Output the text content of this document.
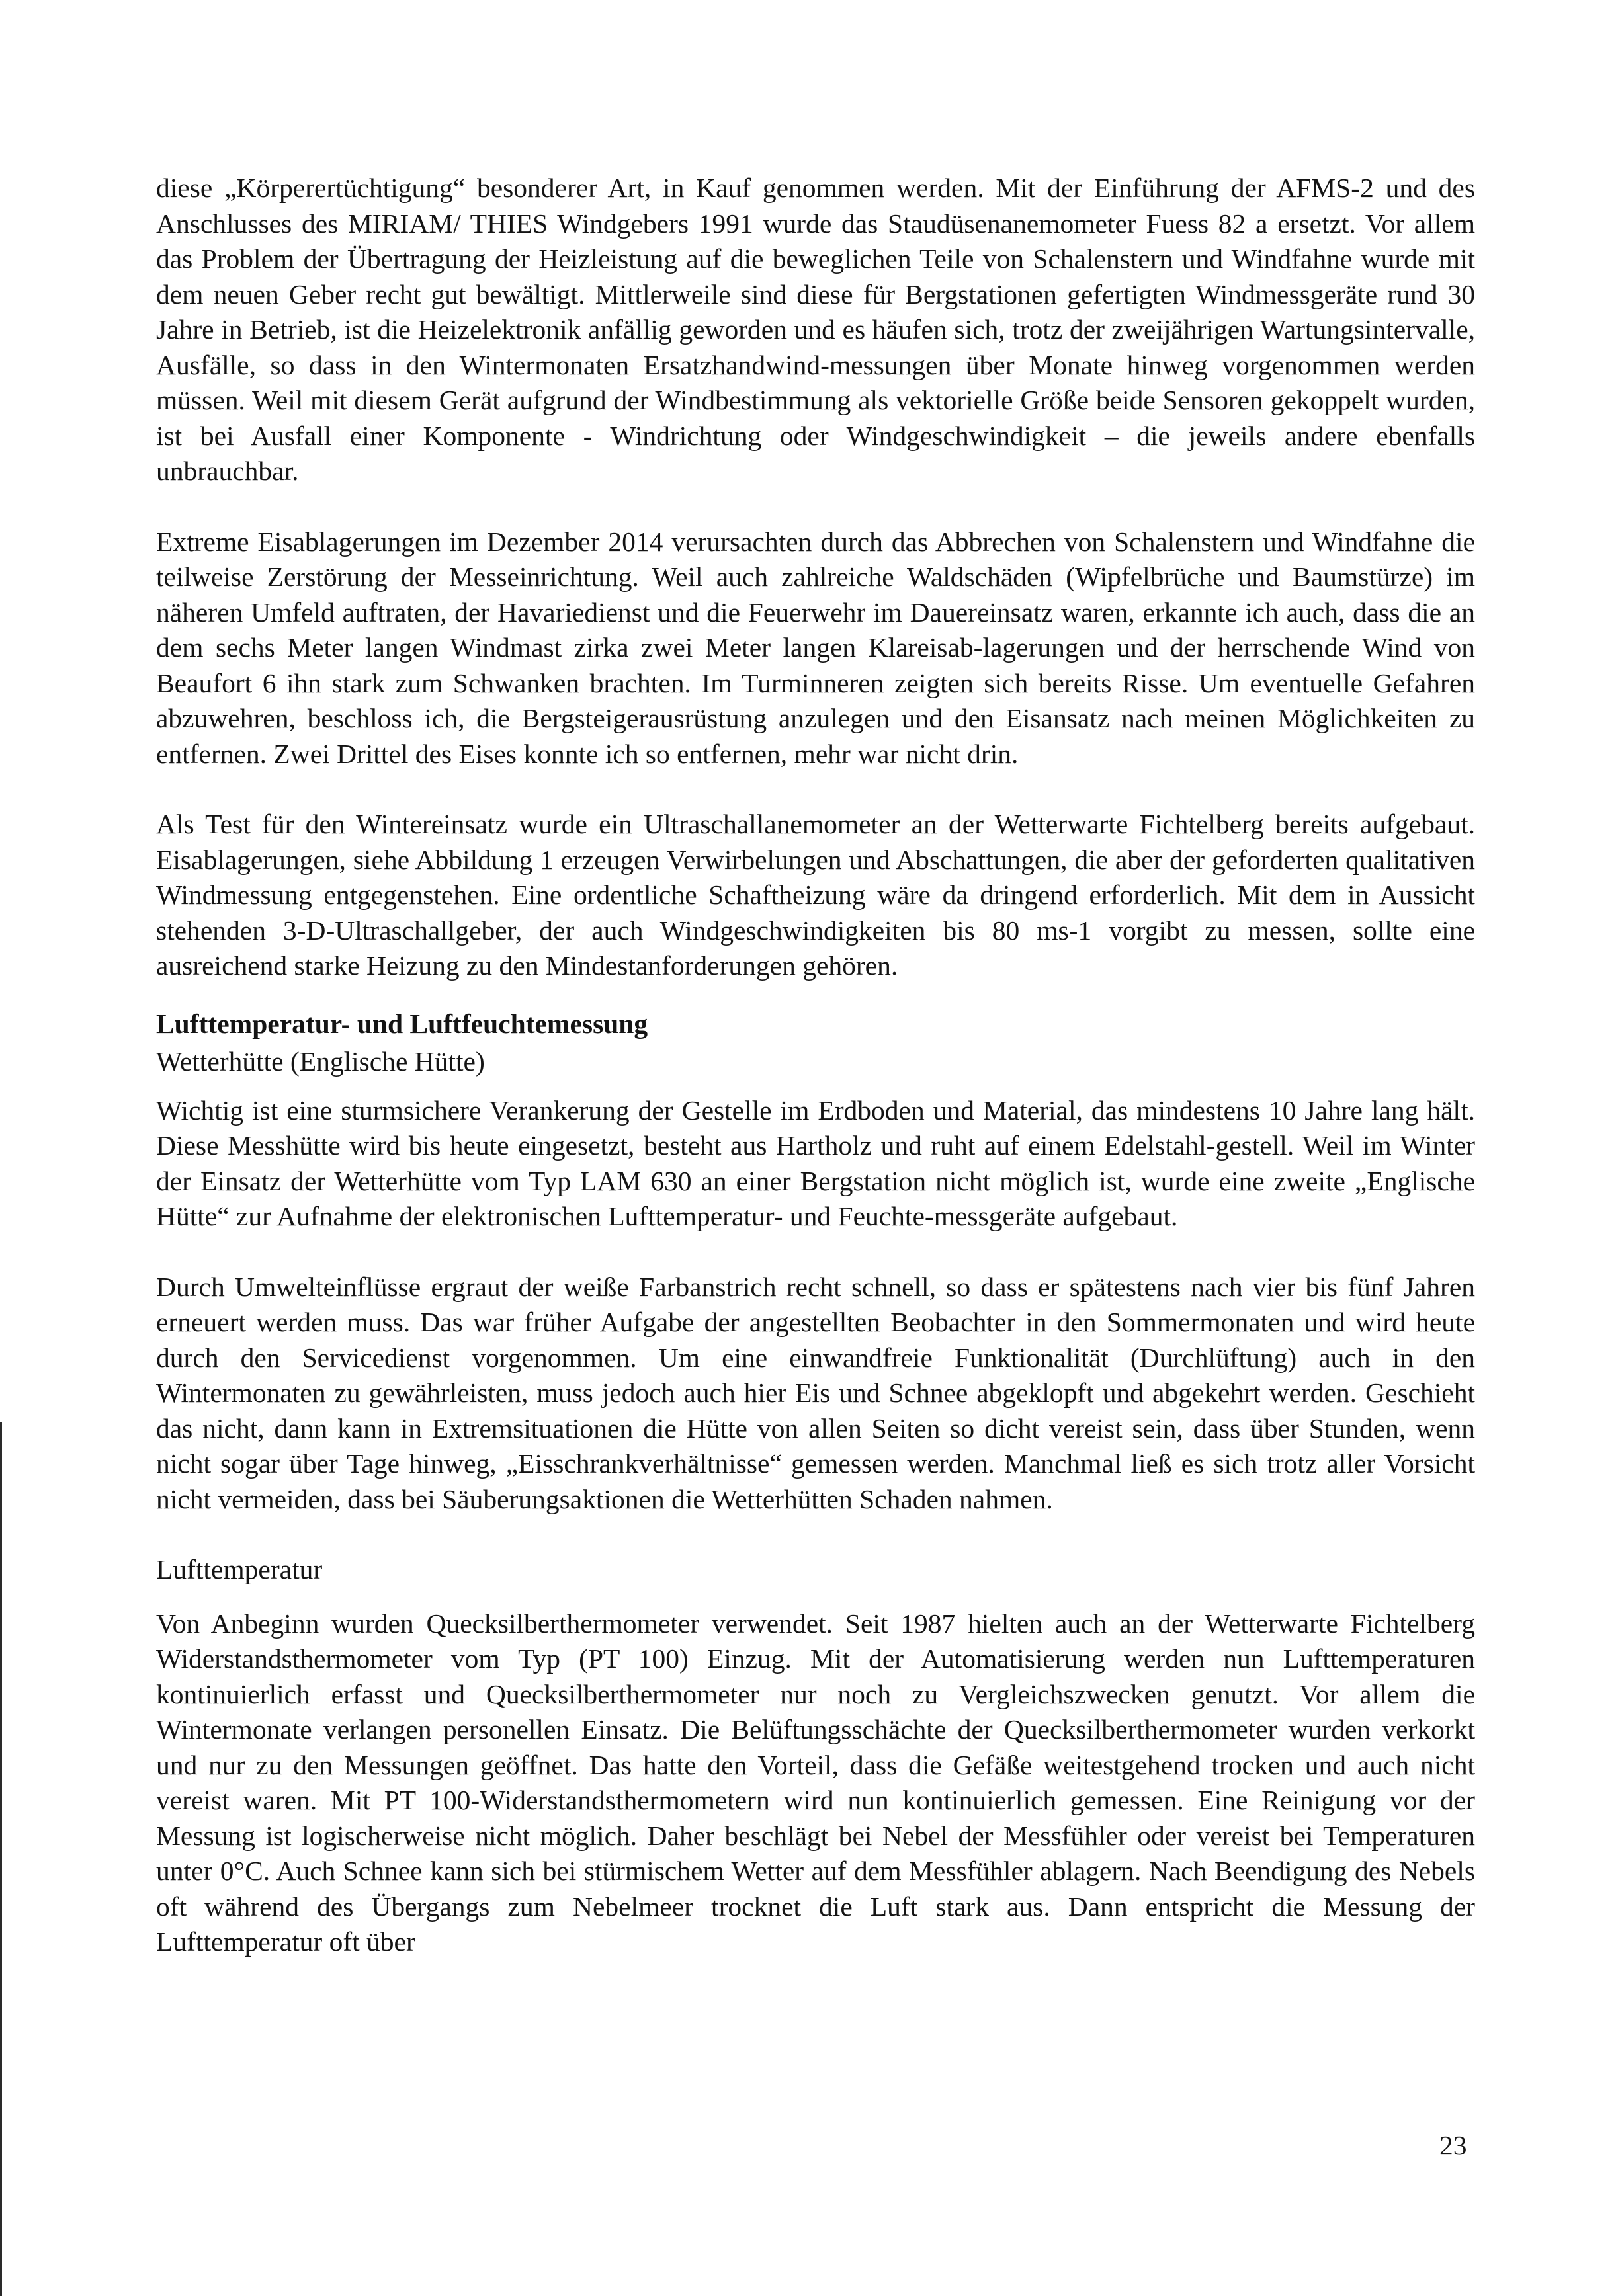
diese „Körperertüchtigung“ besonderer Art, in Kauf genommen werden. Mit der Einführung der AFMS-2 und des Anschlusses des MIRIAM/ THIES Windgebers 1991 wurde das Staudüsenanemometer Fuess 82 a ersetzt. Vor allem das Problem der Übertragung der Heizleistung auf die beweglichen Teile von Schalenstern und Windfahne wurde mit dem neuen Geber recht gut bewältigt. Mittlerweile sind diese für Bergstationen gefertigten Windmessgeräte rund 30 Jahre in Betrieb, ist die Heizelektronik anfällig geworden und es häufen sich, trotz der zweijährigen Wartungsintervalle, Ausfälle, so dass in den Wintermonaten Ersatzhandwind-messungen über Monate hinweg vorgenommen werden müssen. Weil mit diesem Gerät aufgrund der Windbestimmung als vektorielle Größe beide Sensoren gekoppelt wurden, ist bei Ausfall einer Komponente - Windrichtung oder Windgeschwindigkeit – die jeweils andere ebenfalls unbrauchbar.

Extreme Eisablagerungen im Dezember 2014 verursachten durch das Abbrechen von Schalenstern und Windfahne die teilweise Zerstörung der Messeinrichtung. Weil auch zahlreiche Waldschäden (Wipfelbrüche und Baumstürze) im näheren Umfeld auftraten, der Havariedienst und die Feuerwehr im Dauereinsatz waren, erkannte ich auch, dass die an dem sechs Meter langen Windmast zirka zwei Meter langen Klareisab-lagerungen und der herrschende Wind von Beaufort 6 ihn stark zum Schwanken brachten. Im Turminneren zeigten sich bereits Risse. Um eventuelle Gefahren abzuwehren, beschloss ich, die Bergsteigerausrüstung anzulegen und den Eisansatz nach meinen Möglichkeiten zu entfernen. Zwei Drittel des Eises konnte ich so entfernen, mehr war nicht drin.

Als Test für den Wintereinsatz wurde ein Ultraschallanemometer an der Wetterwarte Fichtelberg bereits aufgebaut. Eisablagerungen, siehe Abbildung 1 erzeugen Verwirbelungen und Abschattungen, die aber der geforderten qualitativen Windmessung entgegenstehen. Eine ordentliche Schaftheizung wäre da dringend erforderlich. Mit dem in Aussicht stehenden 3-D-Ultraschallgeber, der auch Windgeschwindigkeiten bis 80 ms-1 vorgibt zu messen, sollte eine ausreichend starke Heizung zu den Mindestanforderungen gehören.

Lufttemperatur- und Luftfeuchtemessung

Wetterhütte (Englische Hütte)

Wichtig ist eine sturmsichere Verankerung der Gestelle im Erdboden und Material, das mindestens 10 Jahre lang hält. Diese Messhütte wird bis heute eingesetzt, besteht aus Hartholz und ruht auf einem Edelstahl-gestell. Weil im Winter der Einsatz der Wetterhütte vom Typ LAM 630 an einer Bergstation nicht möglich ist, wurde eine zweite „Englische Hütte“ zur Aufnahme der elektronischen Lufttemperatur- und Feuchte-messgeräte aufgebaut.

Durch Umwelteinflüsse ergraut der weiße Farbanstrich recht schnell, so dass er spätestens nach vier bis fünf Jahren erneuert werden muss. Das war früher Aufgabe der angestellten Beobachter in den Sommermonaten und wird heute durch den Servicedienst vorgenommen. Um eine einwandfreie Funktionalität (Durchlüftung) auch in den Wintermonaten zu gewährleisten, muss jedoch auch hier Eis und Schnee abgeklopft und abgekehrt werden. Geschieht das nicht, dann kann in Extremsituationen die Hütte von allen Seiten so dicht vereist sein, dass über Stunden, wenn nicht sogar über Tage hinweg, „Eisschrankverhältnisse“ gemessen werden. Manchmal ließ es sich trotz aller Vorsicht nicht vermeiden, dass bei Säuberungsaktionen die Wetterhütten Schaden nahmen.

Lufttemperatur

Von Anbeginn wurden Quecksilberthermometer verwendet. Seit 1987 hielten auch an der Wetterwarte Fichtelberg Widerstandsthermometer vom Typ (PT 100) Einzug. Mit der Automatisierung werden nun Lufttemperaturen kontinuierlich erfasst und Quecksilberthermometer nur noch zu Vergleichszwecken genutzt. Vor allem die Wintermonate verlangen personellen Einsatz. Die Belüftungsschächte der Quecksilberthermometer wurden verkorkt und nur zu den Messungen geöffnet. Das hatte den Vorteil, dass die Gefäße weitestgehend trocken und auch nicht vereist waren. Mit PT 100-Widerstandsthermometern wird nun kontinuierlich gemessen. Eine Reinigung vor der Messung ist logischerweise nicht möglich. Daher beschlägt bei Nebel der Messfühler oder vereist bei Temperaturen unter 0°C. Auch Schnee kann sich bei stürmischem Wetter auf dem Messfühler ablagern. Nach Beendigung des Nebels oft während des Übergangs zum Nebelmeer trocknet die Luft stark aus. Dann entspricht die Messung der Lufttemperatur oft über

23
